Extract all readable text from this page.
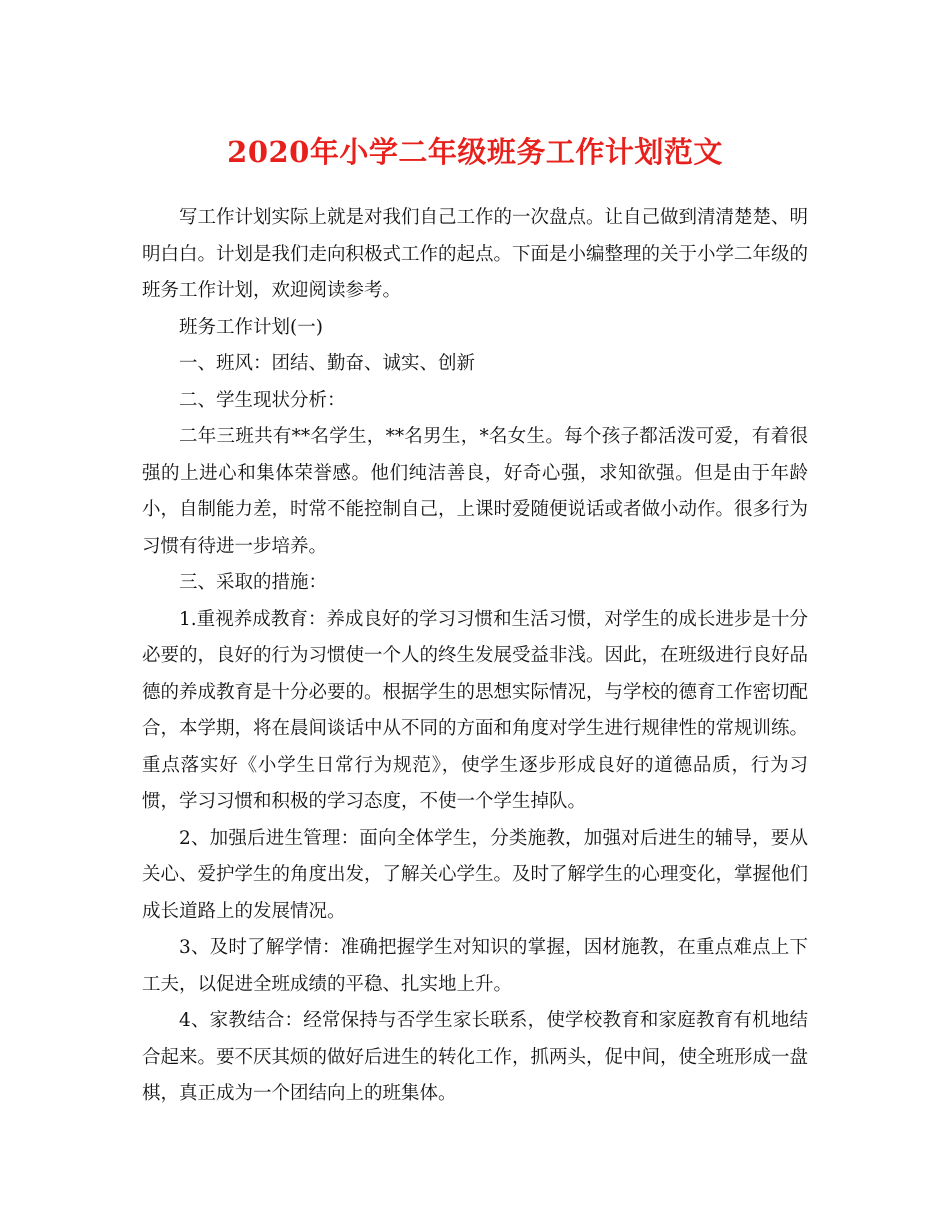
2020年小学二年级班务工作计划范文

写工作计划实际上就是对我们自己工作的一次盘点。让自己做到清清楚楚、明明白白。计划是我们走向积极式工作的起点。下面是小编整理的关于小学二年级的班务工作计划，欢迎阅读参考。

班务工作计划(一)

一、班风：团结、勤奋、诚实、创新

二、学生现状分析：

二年三班共有**名学生，**名男生，*名女生。每个孩子都活泼可爱，有着很强的上进心和集体荣誉感。他们纯洁善良，好奇心强，求知欲强。但是由于年龄小，自制能力差，时常不能控制自己，上课时爱随便说话或者做小动作。很多行为习惯有待进一步培养。

三、采取的措施：

1.重视养成教育：养成良好的学习习惯和生活习惯，对学生的成长进步是十分必要的，良好的行为习惯使一个人的终生发展受益非浅。因此，在班级进行良好品德的养成教育是十分必要的。根据学生的思想实际情况，与学校的德育工作密切配合，本学期，将在晨间谈话中从不同的方面和角度对学生进行规律性的常规训练。重点落实好《小学生日常行为规范》，使学生逐步形成良好的道德品质，行为习惯，学习习惯和积极的学习态度，不使一个学生掉队。

2、加强后进生管理：面向全体学生，分类施教，加强对后进生的辅导，要从关心、爱护学生的角度出发，了解关心学生。及时了解学生的心理变化，掌握他们成长道路上的发展情况。

3、及时了解学情：准确把握学生对知识的掌握，因材施教，在重点难点上下工夫，以促进全班成绩的平稳、扎实地上升。

4、家教结合：经常保持与否学生家长联系，使学校教育和家庭教育有机地结合起来。要不厌其烦的做好后进生的转化工作，抓两头，促中间，使全班形成一盘棋，真正成为一个团结向上的班集体。
